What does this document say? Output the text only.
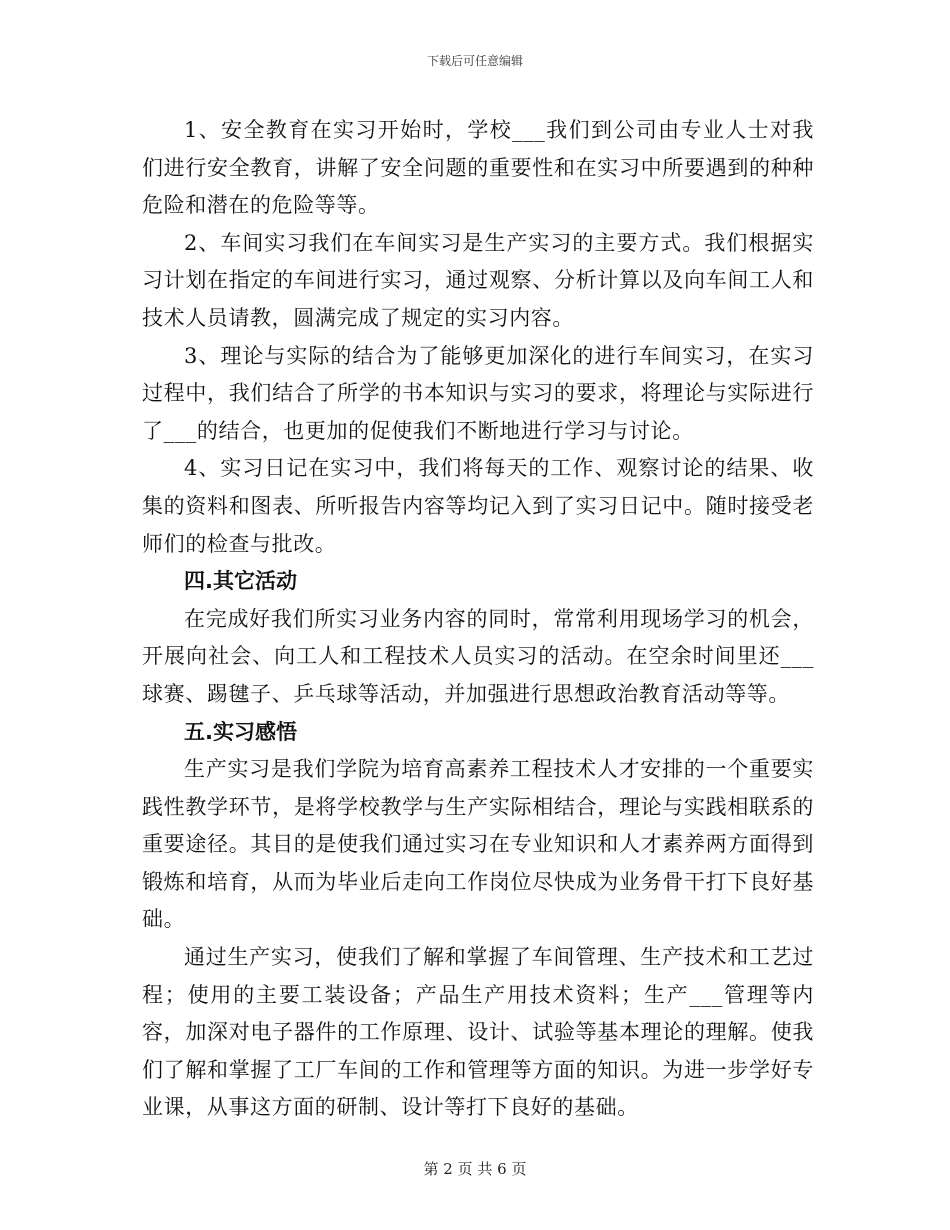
下载后可任意编辑

1、安全教育在实习开始时，学校___我们到公司由专业人士对我们进行安全教育，讲解了安全问题的重要性和在实习中所要遇到的种种危险和潜在的危险等等。

2、车间实习我们在车间实习是生产实习的主要方式。我们根据实习计划在指定的车间进行实习，通过观察、分析计算以及向车间工人和技术人员请教，圆满完成了规定的实习内容。

3、理论与实际的结合为了能够更加深化的进行车间实习，在实习过程中，我们结合了所学的书本知识与实习的要求，将理论与实际进行了___的结合，也更加的促使我们不断地进行学习与讨论。

4、实习日记在实习中，我们将每天的工作、观察讨论的结果、收集的资料和图表、所听报告内容等均记入到了实习日记中。随时接受老师们的检查与批改。

四.其它活动

在完成好我们所实习业务内容的同时，常常利用现场学习的机会，开展向社会、向工人和工程技术人员实习的活动。在空余时间里还___球赛、踢毽子、乒乓球等活动，并加强进行思想政治教育活动等等。

五.实习感悟

生产实习是我们学院为培育高素养工程技术人才安排的一个重要实践性教学环节，是将学校教学与生产实际相结合，理论与实践相联系的重要途径。其目的是使我们通过实习在专业知识和人才素养两方面得到锻炼和培育，从而为毕业后走向工作岗位尽快成为业务骨干打下良好基础。

通过生产实习，使我们了解和掌握了车间管理、生产技术和工艺过程；使用的主要工装设备；产品生产用技术资料；生产___管理等内容，加深对电子器件的工作原理、设计、试验等基本理论的理解。使我们了解和掌握了工厂车间的工作和管理等方面的知识。为进一步学好专业课，从事这方面的研制、设计等打下良好的基础。

第 2 页 共 6 页
